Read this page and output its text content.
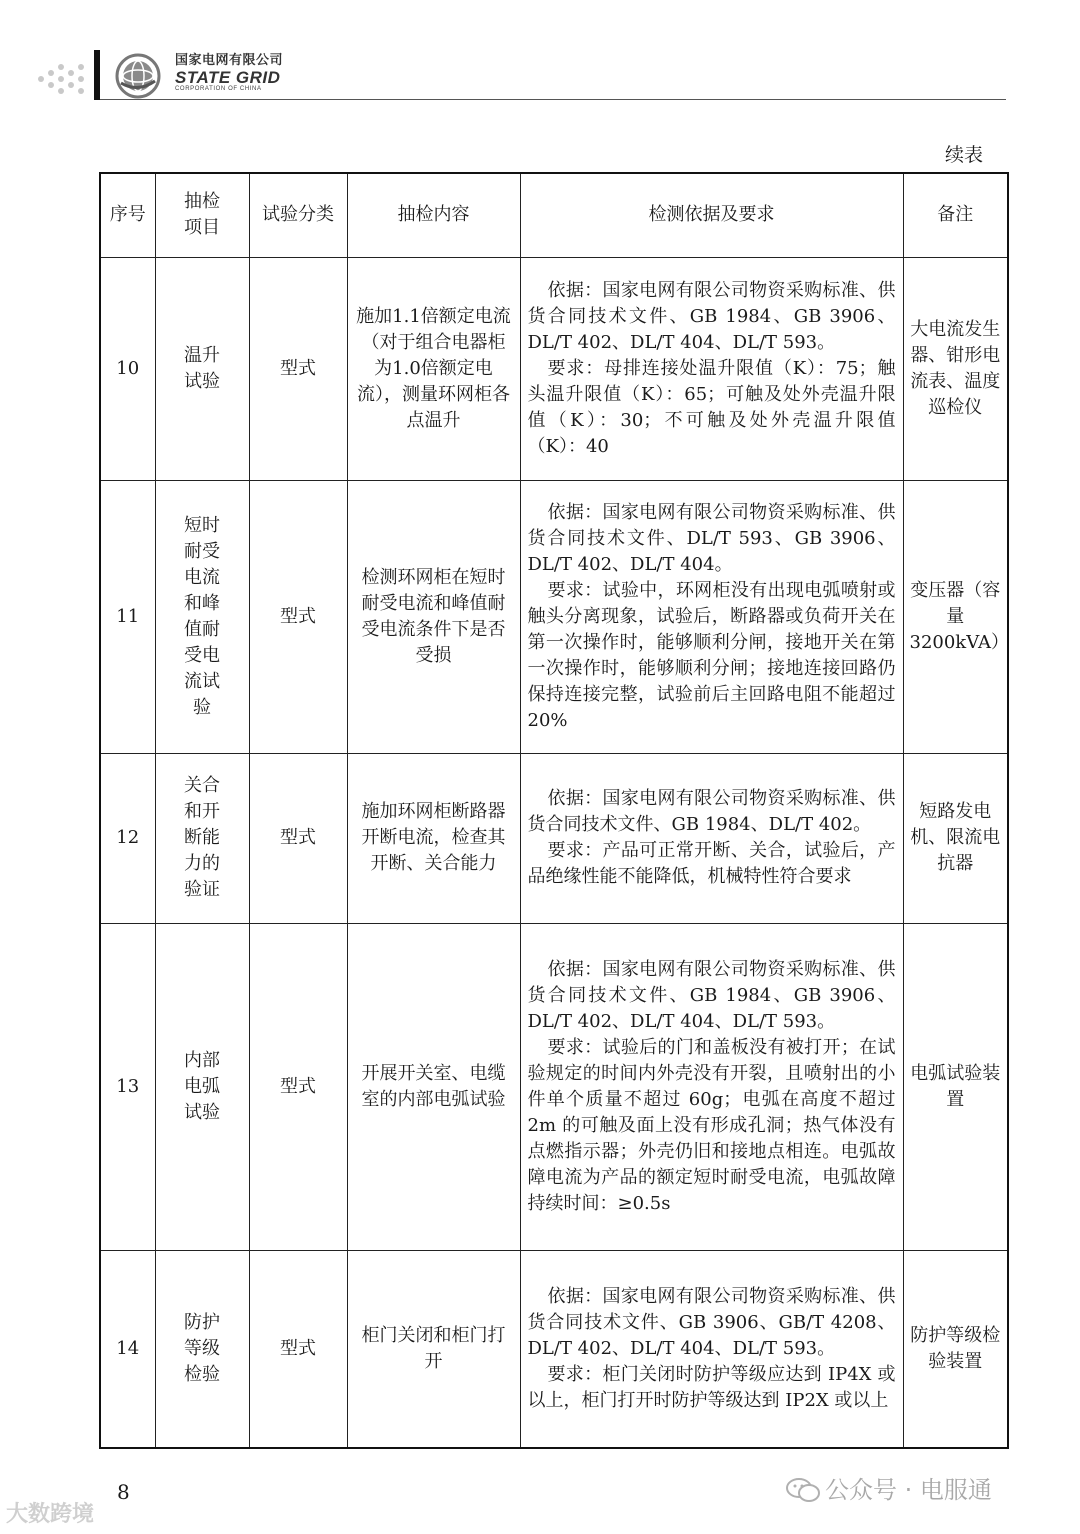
国家电网有限公司
STATE GRID
CORPORATION OF CHINA
续表
序号	抽检项目	试验分类	抽检内容	检测依据及要求	备注
10	温升试验	型式	施加1.1倍额定电流（对于组合电器柜为1.0倍额定电流），测量环网柜各点温升	依据：国家电网有限公司物资采购标准、供货合同技术文件、GB 1984、GB 3906、DL/T 402、DL/T 404、DL/T 593。

要求：母排连接处温升限值（K）：75；触头温升限值（K）：65；可触及处外壳温升限值（K）：30；不可触及处外壳温升限值（K）：40	大电流发生器、钳形电流表、温度巡检仪
11	短时耐受电流和峰值耐受电流试验	型式	检测环网柜在短时耐受电流和峰值耐受电流条件下是否受损	依据：国家电网有限公司物资采购标准、供货合同技术文件、DL/T 593、GB 3906、DL/T 402、DL/T 404。

要求：试验中，环网柜没有出现电弧喷射或触头分离现象，试验后，断路器或负荷开关在第一次操作时，能够顺利分闸，接地开关在第一次操作时，能够顺利分闸；接地连接回路仍保持连接完整，试验前后主回路电阻不能超过20%	变压器（容量3200kVA）
12	关合和开断能力的验证	型式	施加环网柜断路器开断电流，检查其开断、关合能力	依据：国家电网有限公司物资采购标准、供货合同技术文件、GB 1984、DL/T 402。

要求：产品可正常开断、关合，试验后，产品绝缘性能不能降低，机械特性符合要求	短路发电机、限流电抗器
13	内部电弧试验	型式	开展开关室、电缆室的内部电弧试验	依据：国家电网有限公司物资采购标准、供货合同技术文件、GB 1984、GB 3906、DL/T 402、DL/T 404、DL/T 593。

要求：试验后的门和盖板没有被打开；在试验规定的时间内外壳没有开裂，且喷射出的小件单个质量不超过 60g；电弧在高度不超过 2m 的可触及面上没有形成孔洞；热气体没有点燃指示器；外壳仍旧和接地点相连。电弧故障电流为产品的额定短时耐受电流，电弧故障持续时间：≥0.5s	电弧试验装置
14	防护等级检验	型式	柜门关闭和柜门打开	依据：国家电网有限公司物资采购标准、供货合同技术文件、GB 3906、GB/T 4208、DL/T 402、DL/T 404、DL/T 593。

要求：柜门关闭时防护等级应达到 IP4X 或以上，柜门打开时防护等级达到 IP2X 或以上	防护等级检验装置
8	公众号 · 电服通
大数跨境
